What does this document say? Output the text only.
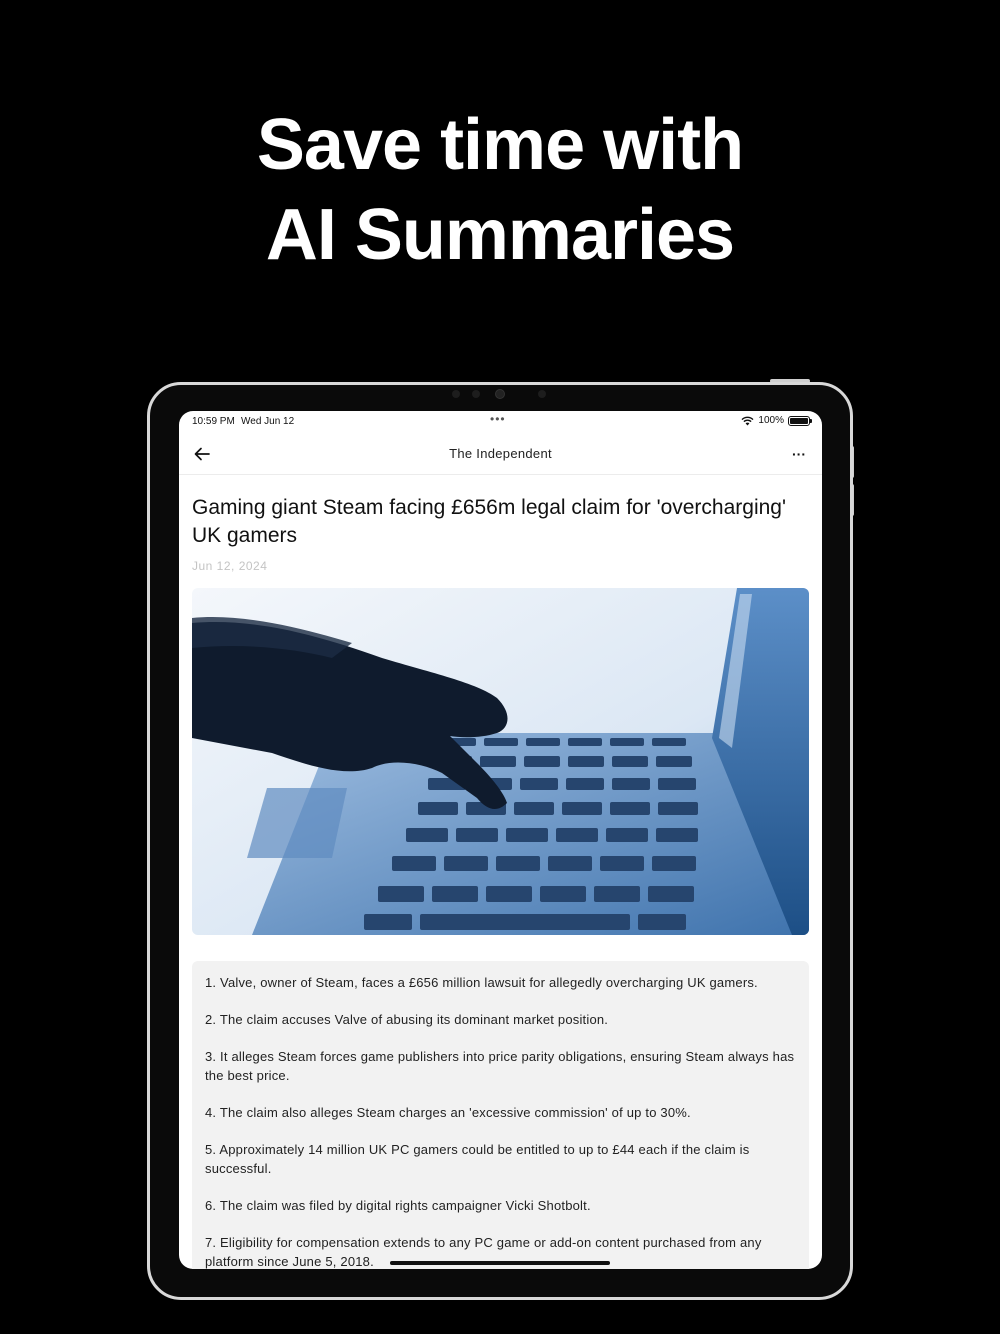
Save time with
AI Summaries
10:59 PM Wed Jun 12	•••	100%
The Independent	···
Gaming giant Steam facing £656m legal claim for 'overcharging' UK gamers
Jun 12, 2024
1. Valve, owner of Steam, faces a £656 million lawsuit for allegedly overcharging UK gamers.
2. The claim accuses Valve of abusing its dominant market position.
3. It alleges Steam forces game publishers into price parity obligations, ensuring Steam always has the best price.
4. The claim also alleges Steam charges an 'excessive commission' of up to 30%.
5. Approximately 14 million UK PC gamers could be entitled to up to £44 each if the claim is successful.
6. The claim was filed by digital rights campaigner Vicki Shotbolt.
7. Eligibility for compensation extends to any PC game or add-on content purchased from any platform since June 5, 2018.
